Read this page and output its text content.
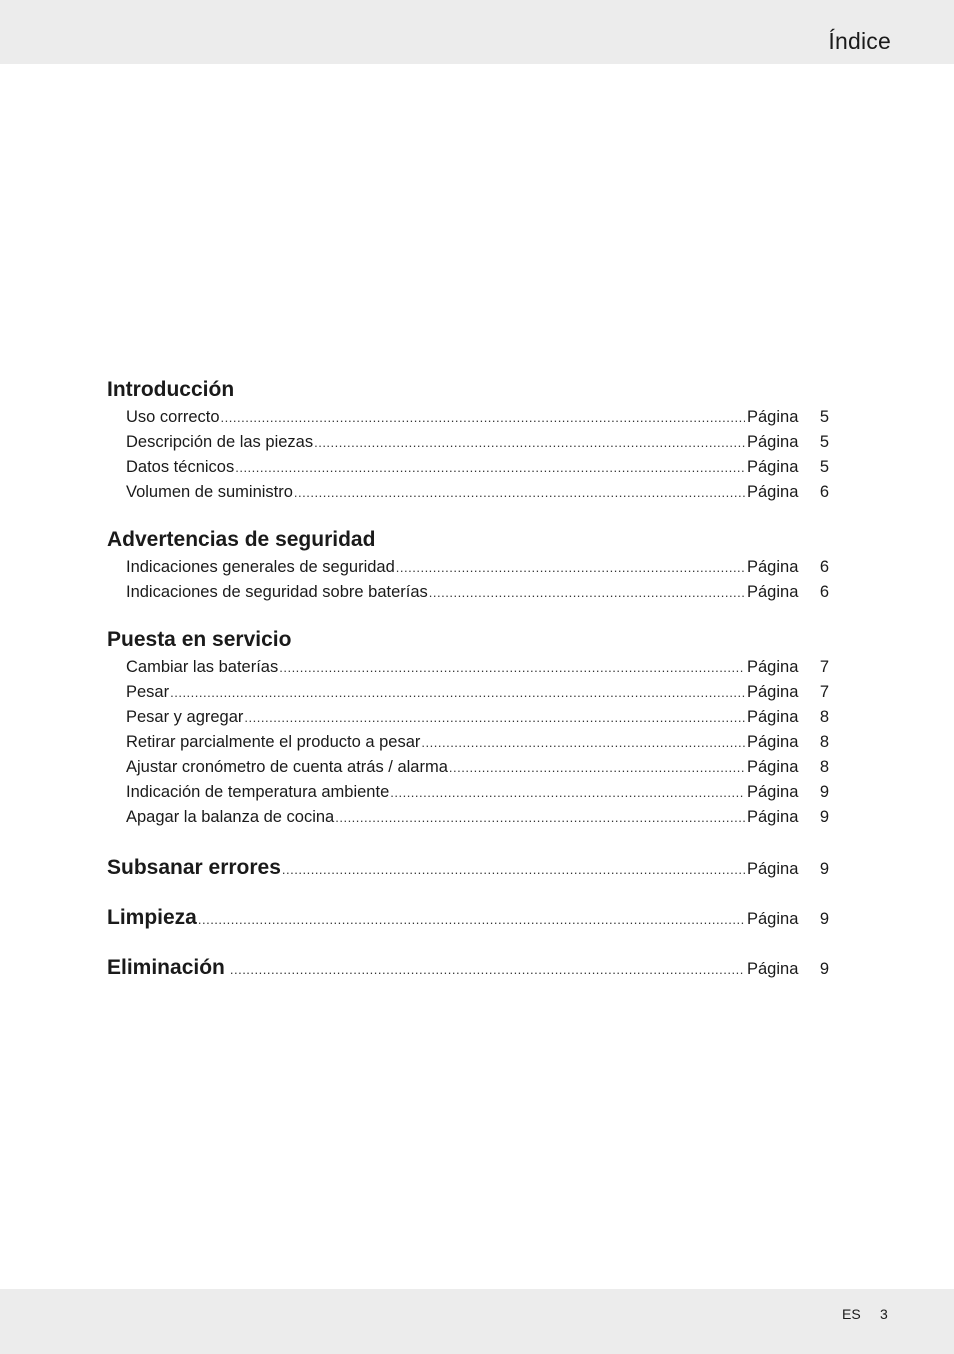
Índice
Introducción
Uso correcto .....	Página	5
Descripción de las piezas .....	Página	5
Datos técnicos .....	Página	5
Volumen de suministro .....	Página	6
Advertencias de seguridad
Indicaciones generales de seguridad .....	Página	6
Indicaciones de seguridad sobre baterías .....	Página	6
Puesta en servicio
Cambiar las baterías .....	Página	7
Pesar .....	Página	7
Pesar y agregar .....	Página	8
Retirar parcialmente el producto a pesar .....	Página	8
Ajustar cronómetro de cuenta atrás / alarma .....	Página	8
Indicación de temperatura ambiente .....	Página	9
Apagar la balanza de cocina .....	Página	9
Subsanar errores .....	Página	9
Limpieza .....	Página	9
Eliminación .....	Página	9
ES 3
